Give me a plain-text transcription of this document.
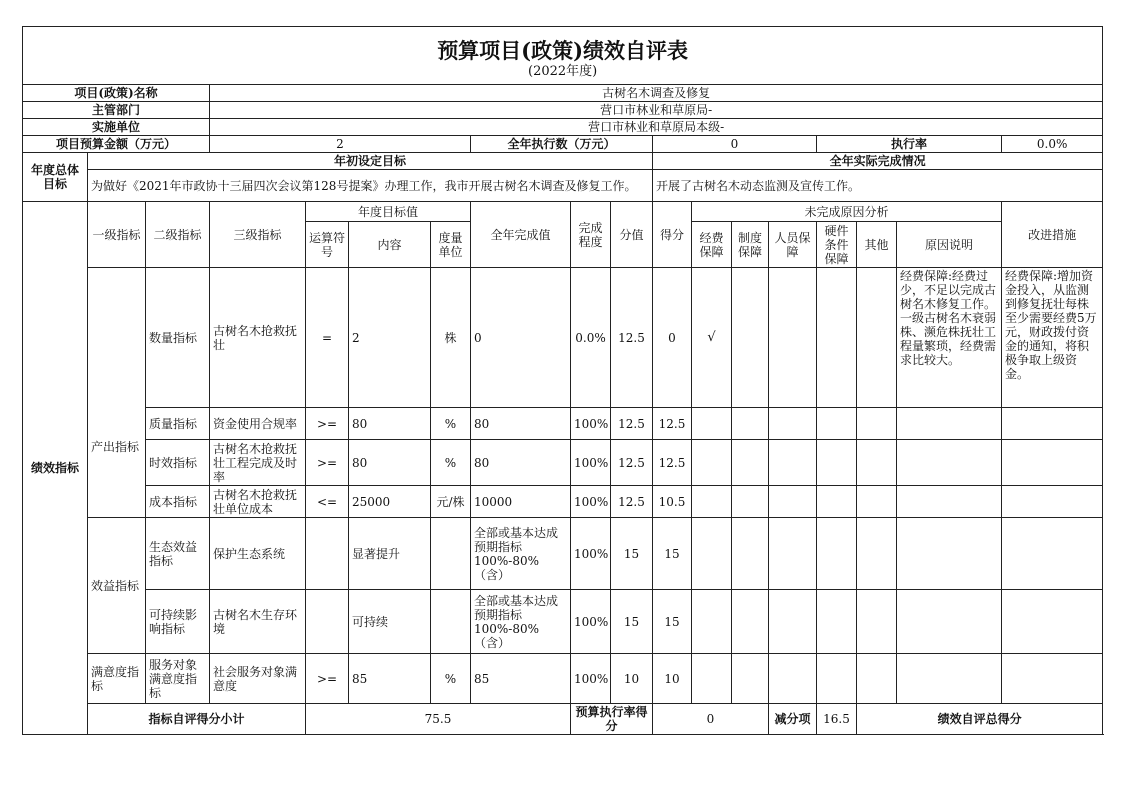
预算项目(政策)绩效自评表
(2022年度)																		

项目(政策)名称			古树名木调查及修复															
主管部门			营口市林业和草原局-															
实施单位			营口市林业和草原局本级-															
项目预算金额（万元）			2				全年执行数（万元）			0				执行率			0.0%	
年度总体目标	年初设定目标									全年实际完成情况								
	为做好《2021年市政协十三届四次会议第128号提案》办理工作，我市开展古树名木调查及修复工作。									开展了古树名木动态监测及宣传工作。								
绩效指标	一级指标	二级指标	三级指标	年度目标值			全年完成值	完成程度	分值	得分	未完成原因分析						改进措施	
				运算符号	内容	度量单位					经费保障	制度保障	人员保障	硬件条件保障	其他	原因说明		
	产出指标	数量指标	古树名木抢救抚壮	=	2	株	0	0.0%	12.5	0	√					经费保障:经费过少，不足以完成古树名木修复工作。一级古树名木衰弱株、濒危株抚壮工程量繁琐，经费需求比较大。	经费保障:增加资金投入，从监测到修复抚壮每株至少需要经费5万元，财政拨付资金的通知，将积极争取上级资金。	
		质量指标	资金使用合规率	>=	80	%	80	100%	12.5	12.5								
		时效指标	古树名木抢救抚壮工程完成及时率	>=	80	%	80	100%	12.5	12.5								
		成本指标	古树名木抢救抚壮单位成本	<=	25000	元/株	10000	100%	12.5	10.5								
	效益指标	生态效益指标	保护生态系统		显著提升		全部或基本达成预期指标100%-80%（含）	100%	15	15								
		可持续影响指标	古树名木生存环境		可持续		全部或基本达成预期指标100%-80%（含）	100%	15	15								
	满意度指标	服务对象满意度指标	社会服务对象满意度	>=	85	%	85	100%	10	10								
	指标自评得分小计			75.5				预算执行率得分		0			减分项	16.5	绩效自评总得分	
